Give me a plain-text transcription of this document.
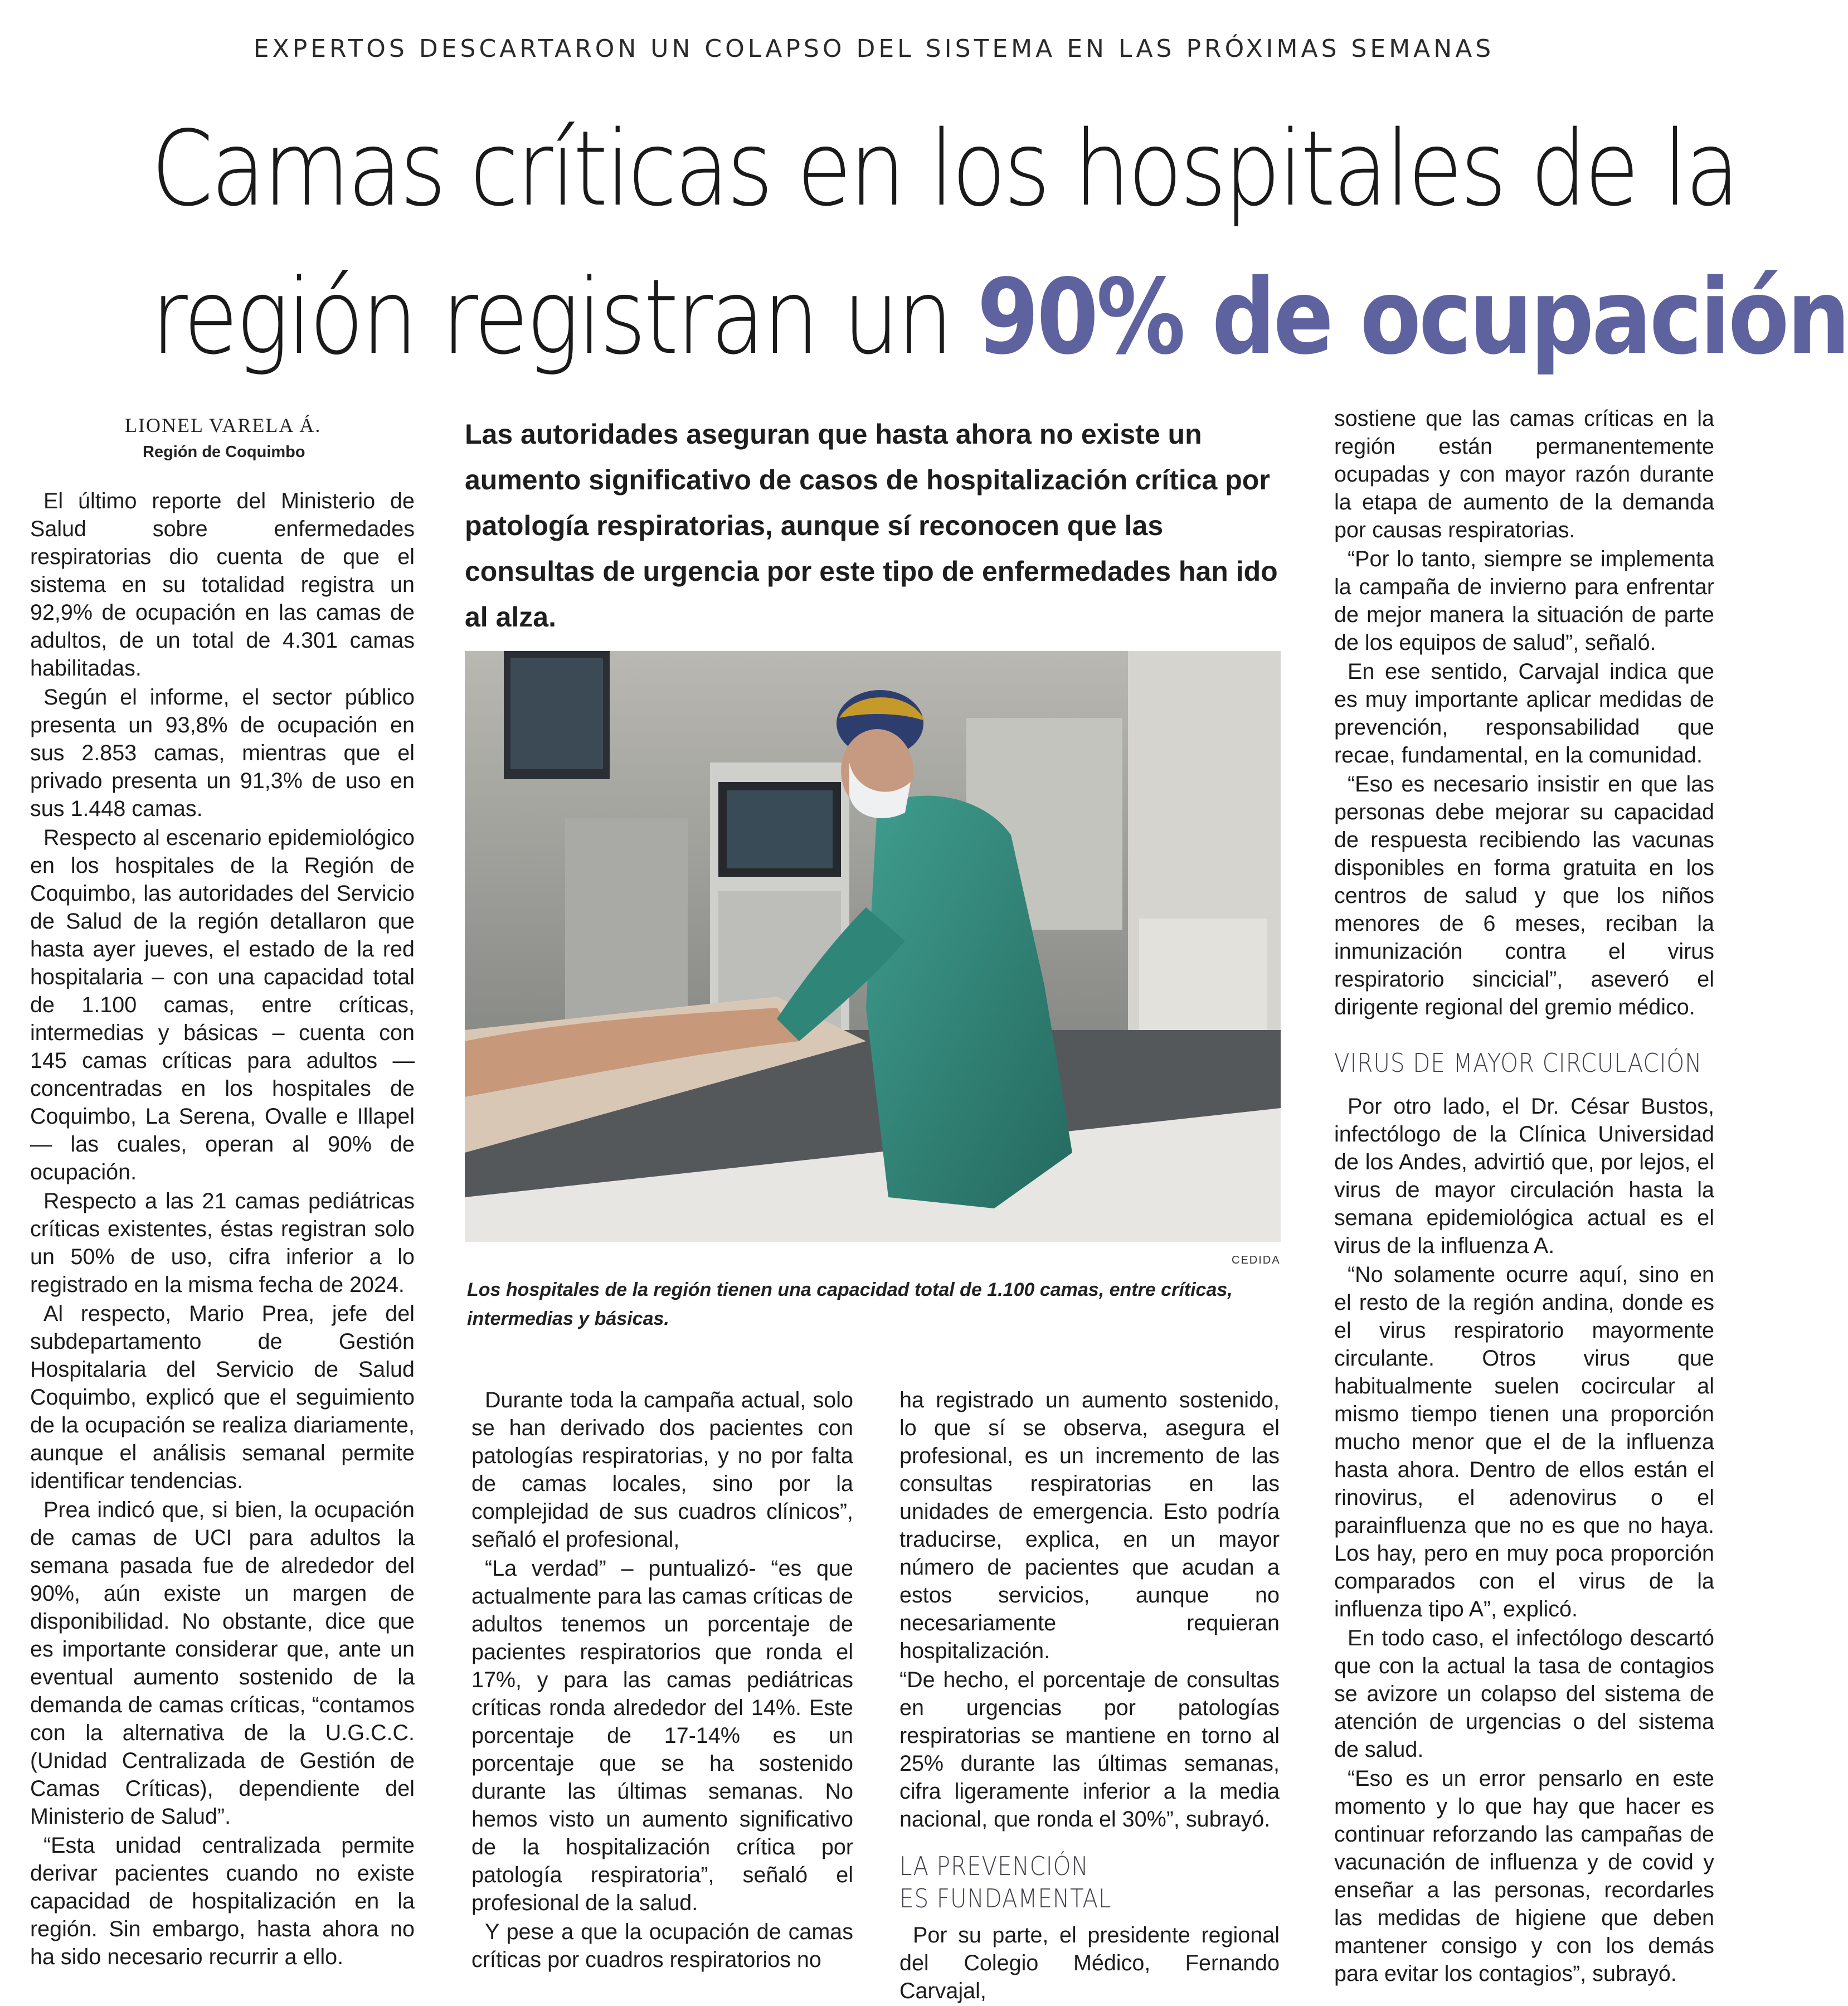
EXPERTOS DESCARTARON UN COLAPSO DEL SISTEMA EN LAS PRÓXIMAS SEMANAS
Camas críticas en los hospitales de la
región registran un 90% de ocupación
LIONEL VARELA Á.
Región de Coquimbo

El último reporte del Ministerio de Salud sobre enfermedades respiratorias dio cuenta de que el sistema en su totalidad registra un 92,9% de ocupación en las camas de adultos, de un total de 4.301 camas habilitadas.

Según el informe, el sector público presenta un 93,8% de ocupación en sus 2.853 camas, mientras que el privado presenta un 91,3% de uso en sus 1.448 camas.

Respecto al escenario epidemiológico en los hospitales de la Región de Coquimbo, las autoridades del Servicio de Salud de la región detallaron que hasta ayer jueves, el estado de la red hospitalaria – con una capacidad total de 1.100 camas, entre críticas, intermedias y básicas – cuenta con 145 camas críticas para adultos —concentradas en los hospitales de Coquimbo, La Serena, Ovalle e Illapel— las cuales, operan al 90% de ocupación.

Respecto a las 21 camas pediátricas críticas existentes, éstas registran solo un 50% de uso, cifra inferior a lo registrado en la misma fecha de 2024.

Al respecto, Mario Prea, jefe del subdepartamento de Gestión Hospitalaria del Servicio de Salud Coquimbo, explicó que el seguimiento de la ocupación se realiza diariamente, aunque el análisis semanal permite identificar tendencias.

Prea indicó que, si bien, la ocupación de camas de UCI para adultos la semana pasada fue de alrededor del 90%, aún existe un margen de disponibilidad. No obstante, dice que es importante considerar que, ante un eventual aumento sostenido de la demanda de camas críticas, “contamos con la alternativa de la U.G.C.C. (Unidad Centralizada de Gestión de Camas Críticas), dependiente del Ministerio de Salud”.

“Esta unidad centralizada permite derivar pacientes cuando no existe capacidad de hospitalización en la región. Sin embargo, hasta ahora no ha sido necesario recurrir a ello.

Las autoridades aseguran que hasta ahora no existe un aumento significativo de casos de hospitalización crítica por patología respiratorias, aunque sí reconocen que las consultas de urgencia por este tipo de enfermedades han ido al alza.
CEDIDA
Los hospitales de la región tienen una capacidad total de 1.100 camas, entre críticas, intermedias y básicas.

Durante toda la campaña actual, solo se han derivado dos pacientes con patologías respiratorias, y no por falta de camas locales, sino por la complejidad de sus cuadros clínicos”, señaló el profesional,

“La verdad” – puntualizó- “es que actualmente para las camas críticas de adultos tenemos un porcentaje de pacientes respiratorios que ronda el 17%, y para las camas pediátricas críticas ronda alrededor del 14%. Este porcentaje de 17-14% es un porcentaje que se ha sostenido durante las últimas semanas. No hemos visto un aumento significativo de la hospitalización crítica por patología respiratoria”, señaló el profesional de la salud.

Y pese a que la ocupación de camas críticas por cuadros respiratorios no

ha registrado un aumento sostenido, lo que sí se observa, asegura el profesional, es un incremento de las consultas respiratorias en las unidades de emergencia. Esto podría traducirse, explica, en un mayor número de pacientes que acudan a estos servicios, aunque no necesariamente requieran hospitalización.

“De hecho, el porcentaje de consultas en urgencias por patologías respiratorias se mantiene en torno al 25% durante las últimas semanas, cifra ligeramente inferior a la media nacional, que ronda el 30%”, subrayó.

LA PREVENCIÓN
ES FUNDAMENTAL

Por su parte, el presidente regional del Colegio Médico, Fernando Carvajal,

sostiene que las camas críticas en la región están permanentemente ocupadas y con mayor razón durante la etapa de aumento de la demanda por causas respiratorias.

“Por lo tanto, siempre se implementa la campaña de invierno para enfrentar de mejor manera la situación de parte de los equipos de salud”, señaló.

En ese sentido, Carvajal indica que es muy importante aplicar medidas de prevención, responsabilidad que recae, fundamental, en la comunidad.

“Eso es necesario insistir en que las personas debe mejorar su capacidad de respuesta recibiendo las vacunas disponibles en forma gratuita en los centros de salud y que los niños menores de 6 meses, reciban la inmunización contra el virus respiratorio sincicial”, aseveró el dirigente regional del gremio médico.

VIRUS DE MAYOR CIRCULACIÓN

Por otro lado, el Dr. César Bustos, infectólogo de la Clínica Universidad de los Andes, advirtió que, por lejos, el virus de mayor circulación hasta la semana epidemiológica actual es el virus de la influenza A.

“No solamente ocurre aquí, sino en el resto de la región andina, donde es el virus respiratorio mayormente circulante. Otros virus que habitualmente suelen cocircular al mismo tiempo tienen una proporción mucho menor que el de la influenza hasta ahora. Dentro de ellos están el rinovirus, el adenovirus o el parainfluenza que no es que no haya. Los hay, pero en muy poca proporción comparados con el virus de la influenza tipo A”, explicó.

En todo caso, el infectólogo descartó que con la actual la tasa de contagios se avizore un colapso del sistema de atención de urgencias o del sistema de salud.

“Eso es un error pensarlo en este momento y lo que hay que hacer es continuar reforzando las campañas de vacunación de influenza y de covid y enseñar a las personas, recordarles las medidas de higiene que deben mantener consigo y con los demás para evitar los contagios”, subrayó.
